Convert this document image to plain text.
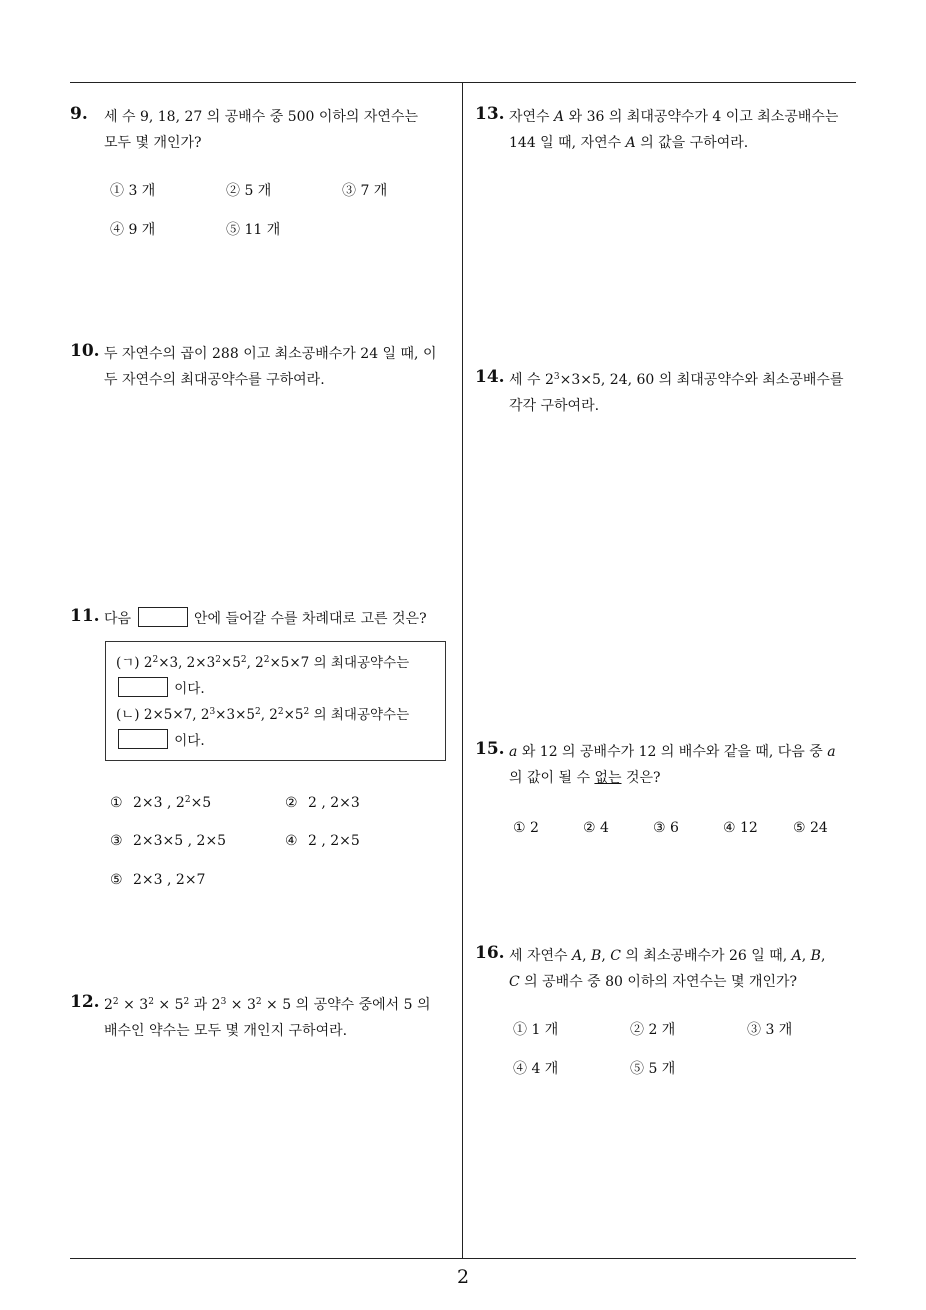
9. 세 수 9, 18, 27 의 공배수 중 500 이하의 자연수는
모두 몇 개인가?
① 3 개	② 5 개	③ 7 개
④ 9 개	⑤ 11 개
10. 두 자연수의 곱이 288 이고 최소공배수가 24 일 때, 이
두 자연수의 최대공약수를 구하여라.
11. 다음	안에 들어갈 수를 차례대로 고른 것은?
(ㄱ) $2^2\times 3$, $2\times 3^2\times 5^2$, $2^2\times 5\times 7$ 의 최대공약수는
이다.
(ㄴ) 2×5×7, $2^3\times 3\times 5^2$, $2^2\times 5^2$ 의 최대공약수는
이다.
① 2×3 , $2^2\times 5$	② 2 , 2×3
③ 2×3×5 , 2×5	④ 2 , 2×5
⑤ 2×3 , 2×7
12. $2^2 \times 3^2 \times 5^2$ 과 $2^3 \times 3^2 \times 5$ 의 공약수 중에서 5 의
배수인 약수는 모두 몇 개인지 구하여라.
13. 자연수 A 와 36 의 최대공약수가 4 이고 최소공배수는
144 일 때, 자연수 A 의 값을 구하여라.
14. 세 수 $2^3\times 3\times 5$, 24, 60 의 최대공약수와 최소공배수를
각각 구하여라.
15. a 와 12 의 공배수가 12 의 배수와 같을 때, 다음 중 a
의 값이 될 수 없는 것은?
① 2	② 4	③ 6	④ 12	⑤ 24
16. 세 자연수 A, B, C 의 최소공배수가 26 일 때, A, B,
C 의 공배수 중 80 이하의 자연수는 몇 개인가?
① 1 개	② 2 개	③ 3 개
④ 4 개	⑤ 5 개
2
